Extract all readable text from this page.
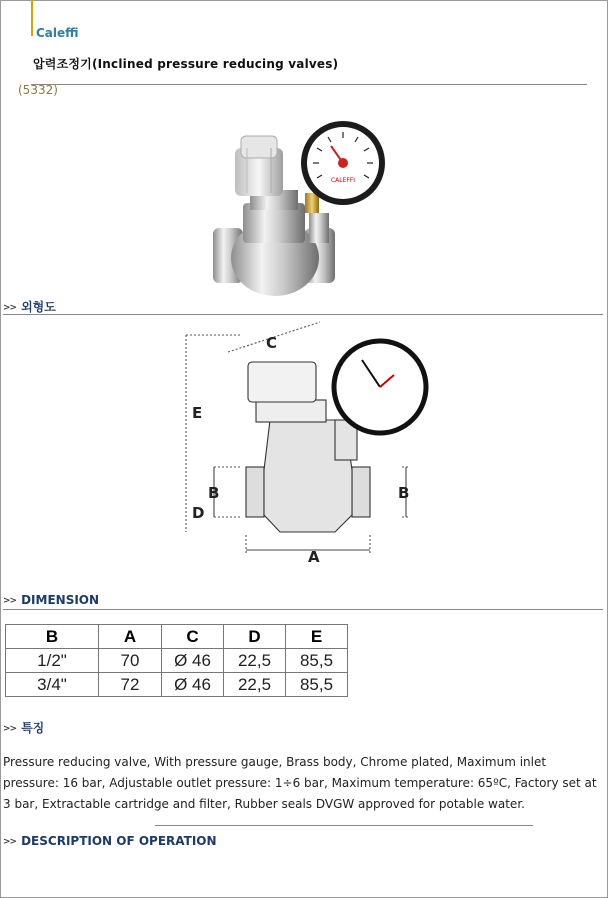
Caleffi
압력조정기(Inclined pressure reducing valves)
(5332)
CALEFFI
>> 외형도
C
E
D
B	B
A
>> DIMENSION
B	A	C	D	E
1/2"	70	Ø 46	22,5	85,5
3/4"	72	Ø 46	22,5	85,5
>> 특징
Pressure reducing valve, With pressure gauge, Brass body, Chrome plated, Maximum inlet pressure: 16 bar, Adjustable outlet pressure: 1÷6 bar, Maximum temperature: 65ºC, Factory set at 3 bar, Extractable cartridge and filter, Rubber seals DVGW approved for potable water.
>> DESCRIPTION OF OPERATION
